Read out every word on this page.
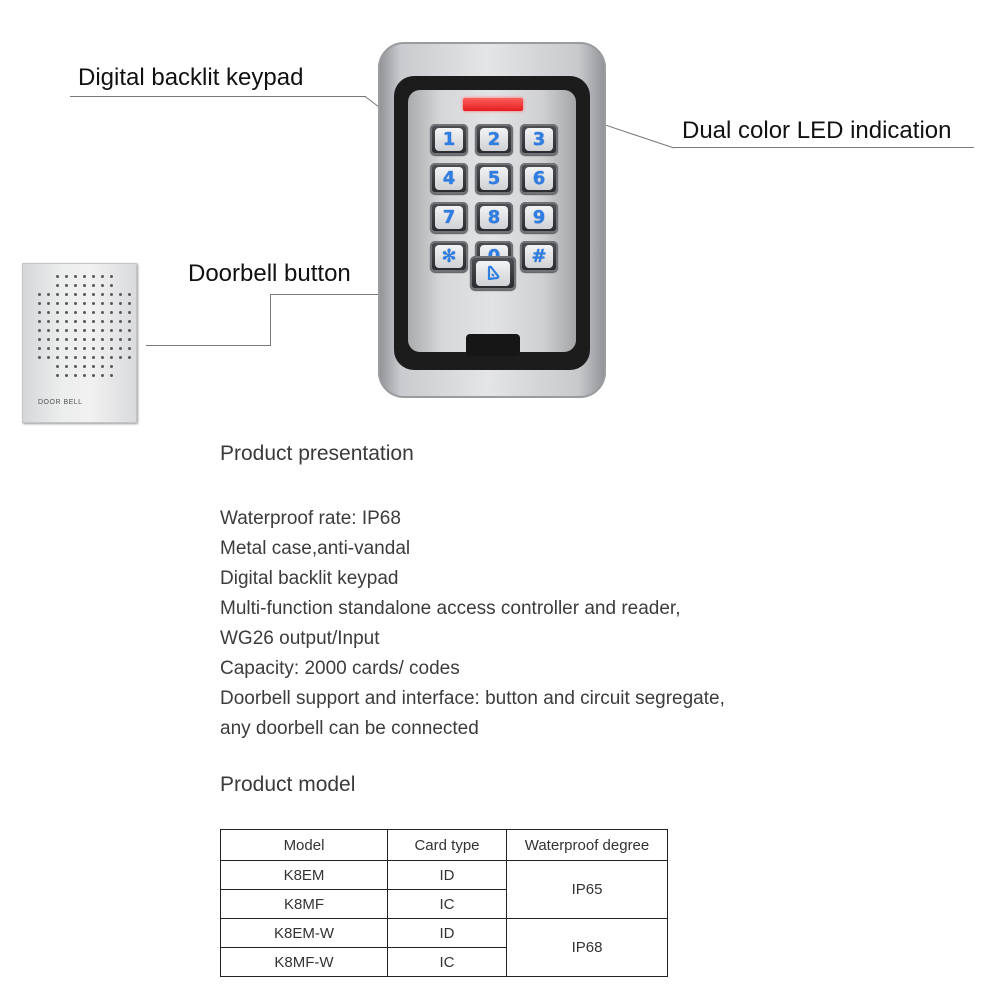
Digital backlit keypad
Dual color LED indication
Doorbell button
DOOR BELL
1	2	3
4	5	6
7	8	9
✻	#
Product presentation
Waterproof rate: IP68
Metal case,anti-vandal
Digital backlit keypad
Multi-function standalone access controller and reader,
WG26 output/Input
Capacity: 2000 cards/ codes
Doorbell support and interface: button and circuit segregate,
any doorbell can be connected
Product model
Model	Card type	Waterproof degree
K8EM	ID	IP65
K8MF	IC	
K8EM-W	ID	IP68
K8MF-W	IC	
